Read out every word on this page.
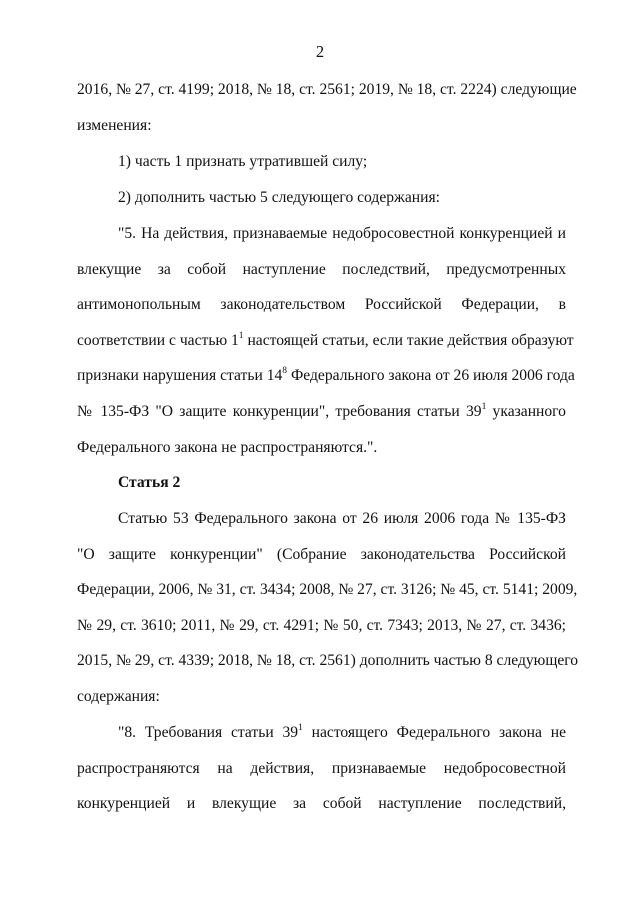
2
2016, № 27, ст. 4199; 2018, № 18, ст. 2561; 2019, № 18, ст. 2224) следующие
изменения:
1) часть 1 признать утратившей силу;
2) дополнить частью 5 следующего содержания:
"5. На действия, признаваемые недобросовестной конкуренцией и
влекущие за собой наступление последствий, предусмотренных
антимонопольным законодательством Российской Федерации, в
соответствии с частью $1^1$ настоящей статьи, если такие действия образуют
признаки нарушения статьи $14^8$ Федерального закона от 26 июля 2006 года
№ 135-ФЗ "О защите конкуренции", требования статьи $39^1$ указанного
Федерального закона не распространяются.".
Статья 2
Статью 53 Федерального закона от 26 июля 2006 года № 135-ФЗ
"О защите конкуренции" (Собрание законодательства Российской
Федерации, 2006, № 31, ст. 3434; 2008, № 27, ст. 3126; № 45, ст. 5141; 2009,
№ 29, ст. 3610; 2011, № 29, ст. 4291; № 50, ст. 7343; 2013, № 27, ст. 3436;
2015, № 29, ст. 4339; 2018, № 18, ст. 2561) дополнить частью 8 следующего
содержания:
"8. Требования статьи $39^1$ настоящего Федерального закона не
распространяются на действия, признаваемые недобросовестной
конкуренцией и влекущие за собой наступление последствий,
